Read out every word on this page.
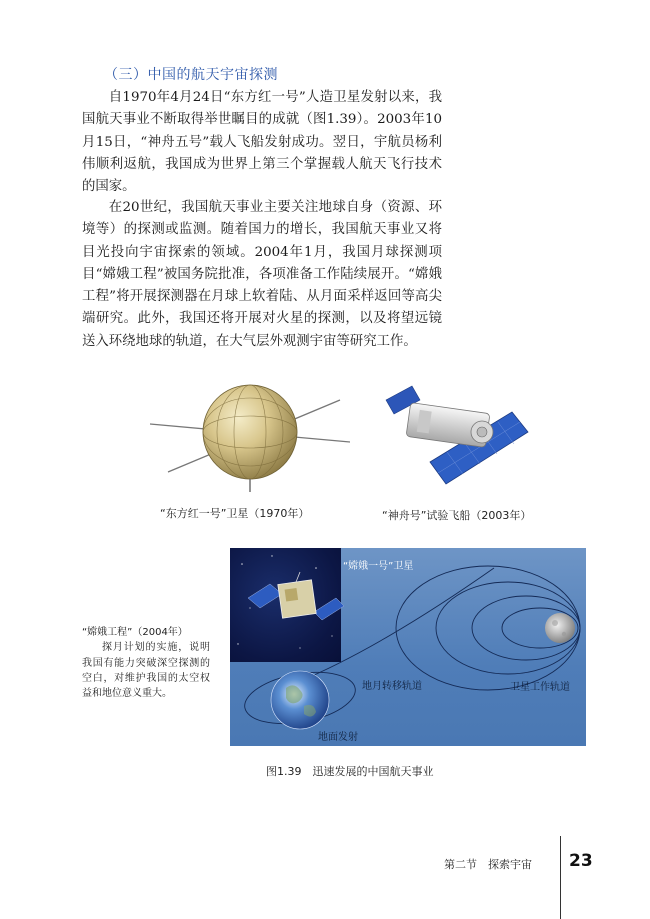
（三）中国的航天宇宙探测

自1970年4月24日“东方红一号”人造卫星发射以来，我国航天事业不断取得举世瞩目的成就（图1.39）。2003年10月15日，“神舟五号”载人飞船发射成功。翌日，宇航员杨利伟顺利返航，我国成为世界上第三个掌握载人航天飞行技术的国家。

在20世纪，我国航天事业主要关注地球自身（资源、环境等）的探测或监测。随着国力的增长，我国航天事业又将目光投向宇宙探索的领域。2004年1月，我国月球探测项目“嫦娥工程”被国务院批准，各项准备工作陆续展开。“嫦娥工程”将开展探测器在月球上软着陆、从月面采样返回等高尖端研究。此外，我国还将开展对火星的探测，以及将望远镜送入环绕地球的轨道，在大气层外观测宇宙等研究工作。

“东方红一号”卫星（1970年）	“神舟号”试验飞船（2003年）
“嫦娥一号”卫星
地月转移轨道	卫星工作轨道
地面发射
“嫦娥工程”（2004年）
探月计划的实施，说明我国有能力突破深空探测的空白，对维护我国的太空权益和地位意义重大。
图1.39　迅速发展的中国航天事业
第二节　探索宇宙 23
